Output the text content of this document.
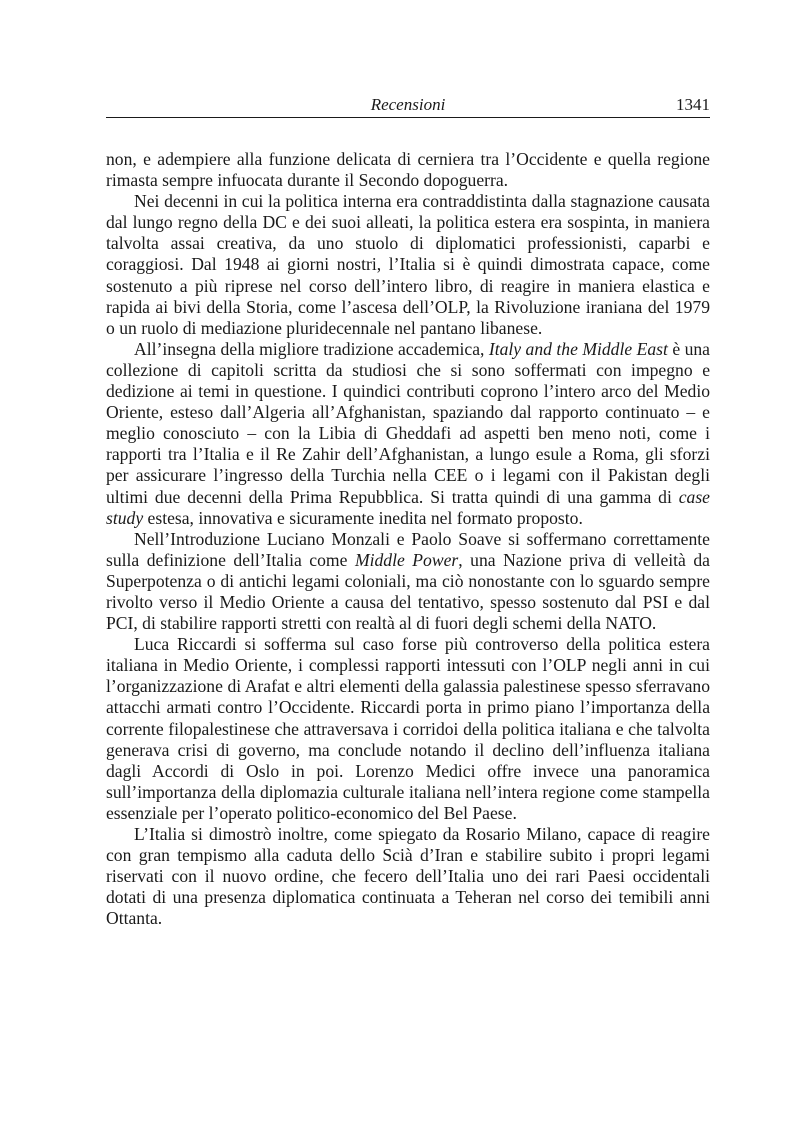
Recensioni	1341

non, e adempiere alla funzione delicata di cerniera tra l’Occidente e quella regione rimasta sempre infuocata durante il Secondo dopoguerra.

Nei decenni in cui la politica interna era contraddistinta dalla stagnazione causata dal lungo regno della DC e dei suoi alleati, la politica estera era sospinta, in maniera talvolta assai creativa, da uno stuolo di diplomatici professionisti, caparbi e coraggiosi. Dal 1948 ai giorni nostri, l’Italia si è quindi dimostrata capace, come sostenuto a più riprese nel corso dell’intero libro, di reagire in maniera elastica e rapida ai bivi della Storia, come l’ascesa dell’OLP, la Rivoluzione iraniana del 1979 o un ruolo di mediazione pluridecennale nel pantano libanese.

All’insegna della migliore tradizione accademica, Italy and the Middle East è una collezione di capitoli scritta da studiosi che si sono soffermati con impegno e dedizione ai temi in questione. I quindici contributi coprono l’intero arco del Medio Oriente, esteso dall’Algeria all’Afghanistan, spaziando dal rapporto continuato – e meglio conosciuto – con la Libia di Gheddafi ad aspetti ben meno noti, come i rapporti tra l’Italia e il Re Zahir dell’Afghanistan, a lungo esule a Roma, gli sforzi per assicurare l’ingresso della Turchia nella CEE o i legami con il Pakistan degli ultimi due decenni della Prima Repubblica. Si tratta quindi di una gamma di case study estesa, innovativa e sicuramente inedita nel formato proposto.

Nell’Introduzione Luciano Monzali e Paolo Soave si soffermano correttamente sulla definizione dell’Italia come Middle Power, una Nazione priva di velleità da Superpotenza o di antichi legami coloniali, ma ciò nonostante con lo sguardo sempre rivolto verso il Medio Oriente a causa del tentativo, spesso sostenuto dal PSI e dal PCI, di stabilire rapporti stretti con realtà al di fuori degli schemi della NATO.

Luca Riccardi si sofferma sul caso forse più controverso della politica estera italiana in Medio Oriente, i complessi rapporti intessuti con l’OLP negli anni in cui l’organizzazione di Arafat e altri elementi della galassia palestinese spesso sferravano attacchi armati contro l’Occidente. Riccardi porta in primo piano l’importanza della corrente filopalestinese che attraversava i corridoi della politica italiana e che talvolta generava crisi di governo, ma conclude notando il declino dell’influenza italiana dagli Accordi di Oslo in poi. Lorenzo Medici offre invece una panoramica sull’importanza della diplomazia culturale italiana nell’intera regione come stampella essenziale per l’operato politico-economico del Bel Paese.

L’Italia si dimostrò inoltre, come spiegato da Rosario Milano, capace di reagire con gran tempismo alla caduta dello Scià d’Iran e stabilire subito i propri legami riservati con il nuovo ordine, che fecero dell’Italia uno dei rari Paesi occidentali dotati di una presenza diplomatica continuata a Teheran nel corso dei temibili anni Ottanta.
